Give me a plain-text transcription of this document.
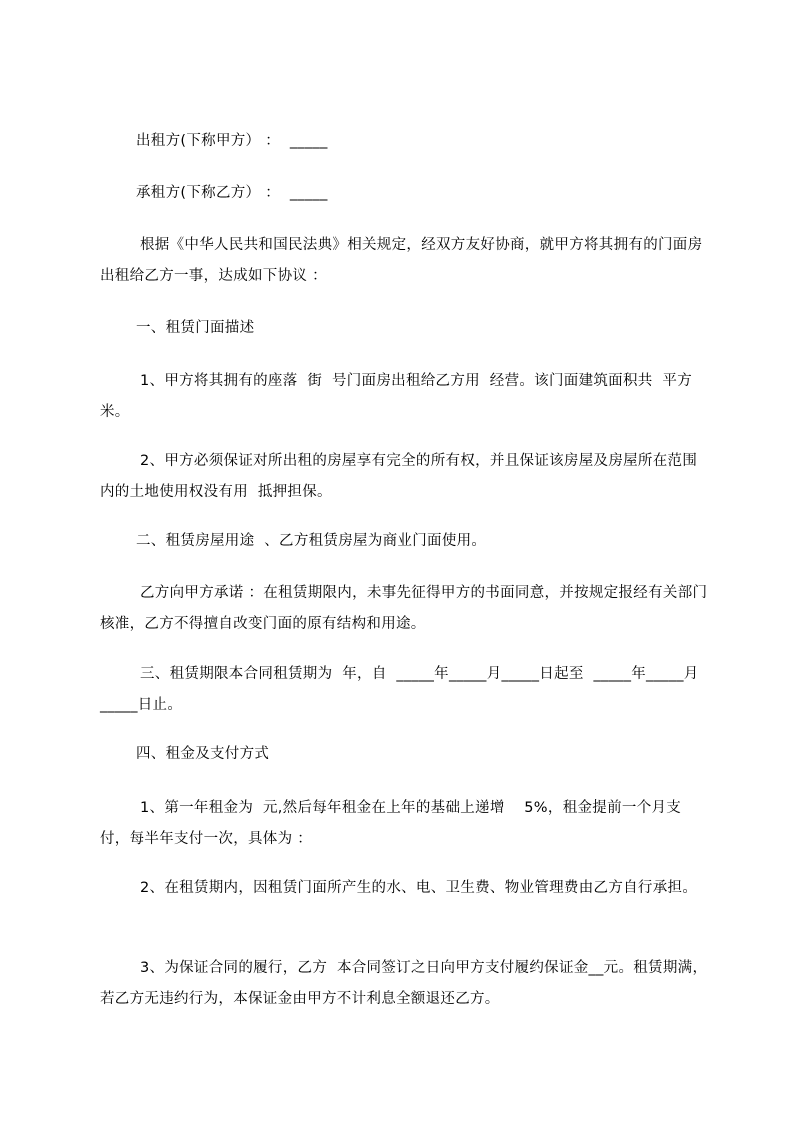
出租方(下称甲方） ：  _____

承租方(下称乙方） ：  _____

根据《中华人民共和国民法典》相关规定，经双方友好协商，就甲方将其拥有的门面房出租给乙方一事，达成如下协议 ：

一、租赁门面描述

1、甲方将其拥有的座落  街  号门面房出租给乙方用  经营。该门面建筑面积共  平方米。

2、甲方必须保证对所出租的房屋享有完全的所有权，并且保证该房屋及房屋所在范围内的土地使用权没有用  抵押担保。

二、租赁房屋用途  、乙方租赁房屋为商业门面使用。

乙方向甲方承诺 ：在租赁期限内，未事先征得甲方的书面同意，并按规定报经有关部门核准，乙方不得擅自改变门面的原有结构和用途。

三、租赁期限本合同租赁期为  年，自  _____年_____月_____日起至  _____年_____月_____日止。

四、租金及支付方式

1、第一年租金为  元,然后每年租金在上年的基础上递增    5%，租金提前一个月支付，每半年支付一次，具体为 ：

2、在租赁期内，因租赁门面所产生的水、电、卫生费、物业管理费由乙方自行承担。

3、为保证合同的履行，乙方  本合同签订之日向甲方支付履约保证金__元。租赁期满，若乙方无违约行为，本保证金由甲方不计利息全额退还乙方。
